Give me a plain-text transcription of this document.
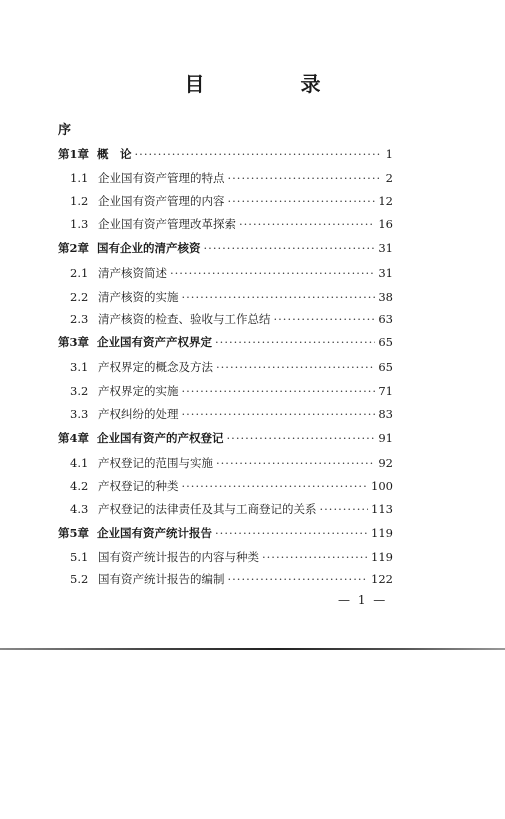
目　录
序
第1章 概　论 ·····	1
1.1 企业国有资产管理的特点 ·····	2
1.2 企业国有资产管理的内容 ·····	12
1.3 企业国有资产管理改革探索 ·····	16
第2章 国有企业的清产核资 ·····	31
2.1 清产核资简述 ·····	31
2.2 清产核资的实施 ·····	38
2.3 清产核资的检查、验收与工作总结 ·····	63
第3章 企业国有资产产权界定 ·····	65
3.1 产权界定的概念及方法 ·····	65
3.2 产权界定的实施 ·····	71
3.3 产权纠纷的处理 ·····	83
第4章 企业国有资产的产权登记 ·····	91
4.1 产权登记的范围与实施 ·····	92
4.2 产权登记的种类 ·····	100
4.3 产权登记的法律责任及其与工商登记的关系 ·····	113
第5章 企业国有资产统计报告 ·····	119
5.1 国有资产统计报告的内容与种类 ·····	119
5.2 国有资产统计报告的编制 ·····	122
— 1 —
